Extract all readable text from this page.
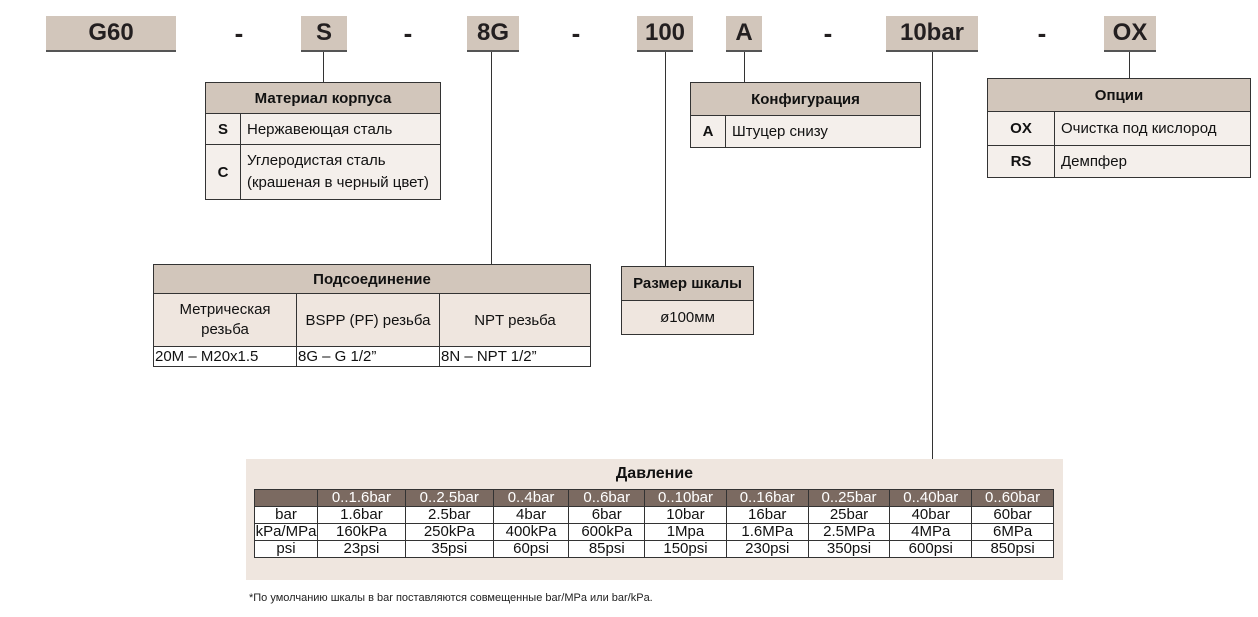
G60	-	S	-	8G	-	100	A	-	10bar	-	OX
Материал корпуса	
S	Нержавеющая сталь
C	Углеродистая сталь (крашеная в черный цвет)
Конфигурация
A	Штуцер снизу
Опции	
OX	Очистка под кислород
RS	Демпфер
Подсоединение		
Метрическая резьба	BSPP (PF) резьба	NPT резьба
20M – M20x1.5	8G – G 1/2”	8N – NPT 1/2”
Размер шкалы
ø100мм
Давление
	0..1.6bar	0..2.5bar	0..4bar	0..6bar	0..10bar	0..16bar	0..25bar	0..40bar	0..60bar
bar	1.6bar	2.5bar	4bar	6bar	10bar	16bar	25bar	40bar	60bar
kPa/MPa	160kPa	250kPa	400kPa	600kPa	1Mpa	1.6MPa	2.5MPa	4MPa	6MPa
psi	23psi	35psi	60psi	85psi	150psi	230psi	350psi	600psi	850psi
*По умолчанию шкалы в bar поставляются совмещенные bar/MPa или bar/kPa.
